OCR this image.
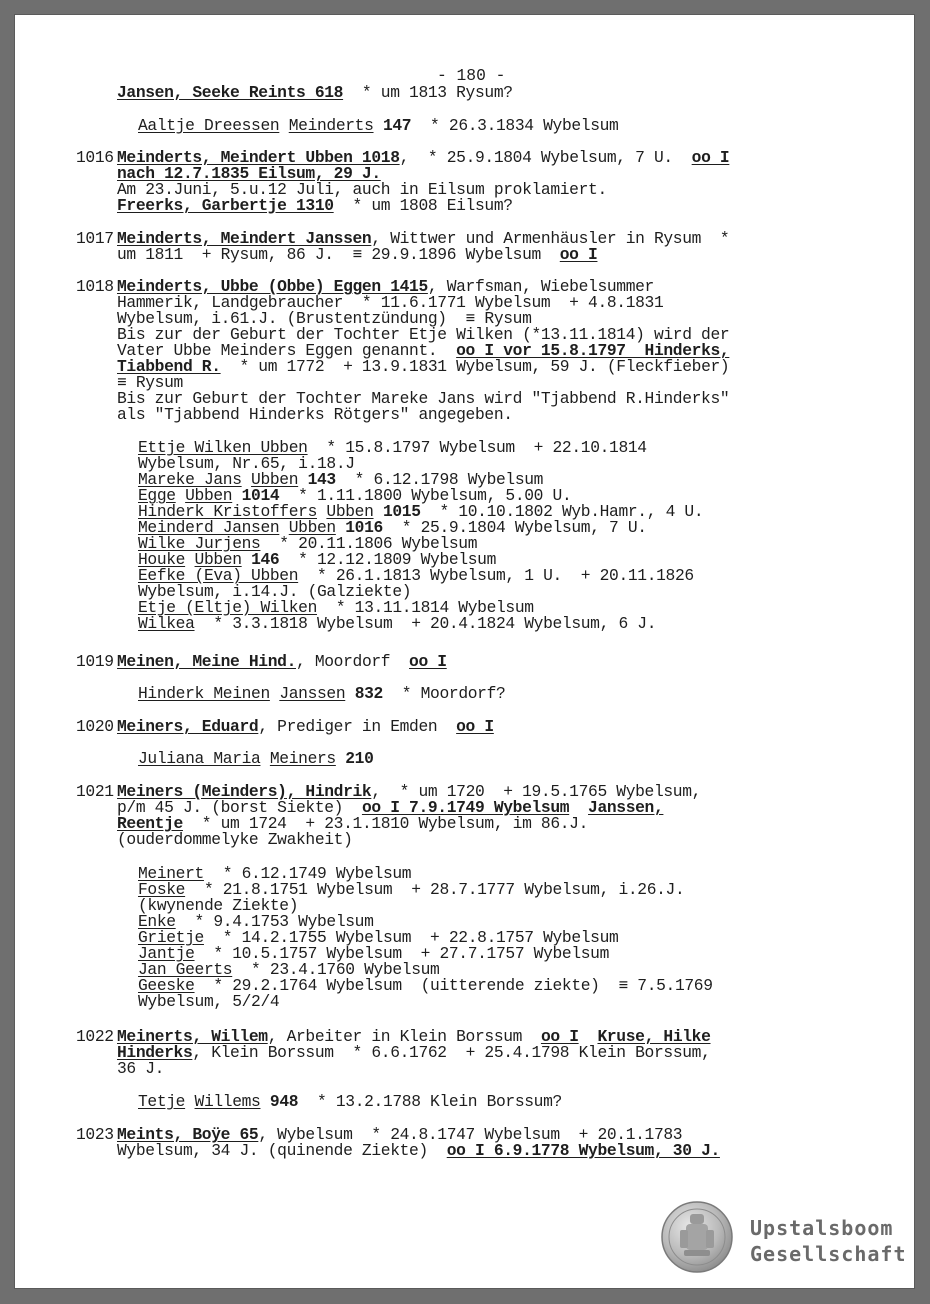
- 180 -
Upstalsboom
Gesellschaft
Jansen, Seeke Reints 618  * um 1813 Rysum?
Aaltje Dreessen Meinderts 147  * 26.3.1834 Wybelsum
1016 Meinderts, Meindert Ubben 1018,  * 25.9.1804 Wybelsum, 7 U.  oo I
nach 12.7.1835 Eilsum, 29 J.
Am 23.Juni, 5.u.12 Juli, auch in Eilsum proklamiert.
Freerks, Garbertje 1310  * um 1808 Eilsum?
1017 Meinderts, Meindert Janssen, Wittwer und Armenhäusler in Rysum  *
um 1811  + Rysum, 86 J.  ≡ 29.9.1896 Wybelsum  oo I
1018 Meinderts, Ubbe (Obbe) Eggen 1415, Warfsman, Wiebelsummer
Hammerik, Landgebraucher  * 11.6.1771 Wybelsum  + 4.8.1831
Wybelsum, i.61.J. (Brustentzündung)  ≡ Rysum
Bis zur der Geburt der Tochter Etje Wilken (*13.11.1814) wird der
Vater Ubbe Meinders Eggen genannt.  oo I vor 15.8.1797  Hinderks,
Tiabbend R.  * um 1772  + 13.9.1831 Wybelsum, 59 J. (Fleckfieber)
≡ Rysum
Bis zur Geburt der Tochter Mareke Jans wird "Tjabbend R.Hinderks"
als "Tjabbend Hinderks Rötgers" angegeben.
Ettje Wilken Ubben  * 15.8.1797 Wybelsum  + 22.10.1814
Wybelsum, Nr.65, i.18.J
Mareke Jans Ubben 143  * 6.12.1798 Wybelsum
Egge Ubben 1014  * 1.11.1800 Wybelsum, 5.00 U.
Hinderk Kristoffers Ubben 1015  * 10.10.1802 Wyb.Hamr., 4 U.
Meinderd Jansen Ubben 1016  * 25.9.1804 Wybelsum, 7 U.
Wilke Jurjens  * 20.11.1806 Wybelsum
Houke Ubben 146  * 12.12.1809 Wybelsum
Eefke (Eva) Ubben  * 26.1.1813 Wybelsum, 1 U.  + 20.11.1826
Wybelsum, i.14.J. (Galziekte)
Etje (Eltje) Wilken  * 13.11.1814 Wybelsum
Wilkea  * 3.3.1818 Wybelsum  + 20.4.1824 Wybelsum, 6 J.
1019 Meinen, Meine Hind., Moordorf  oo I
Hinderk Meinen Janssen 832  * Moordorf?
1020 Meiners, Eduard, Prediger in Emden  oo I
Juliana Maria Meiners 210
1021 Meiners (Meinders), Hindrik,  * um 1720  + 19.5.1765 Wybelsum,
p/m 45 J. (borst Siekte)  oo I 7.9.1749 Wybelsum Janssen,
Reentje  * um 1724  + 23.1.1810 Wybelsum, im 86.J.
(ouderdommelyke Zwakheit)
Meinert  * 6.12.1749 Wybelsum
Foske  * 21.8.1751 Wybelsum  + 28.7.1777 Wybelsum, i.26.J.
(kwynende Ziekte)
Enke  * 9.4.1753 Wybelsum
Grietje  * 14.2.1755 Wybelsum  + 22.8.1757 Wybelsum
Jantje  * 10.5.1757 Wybelsum  + 27.7.1757 Wybelsum
Jan Geerts  * 23.4.1760 Wybelsum
Geeske  * 29.2.1764 Wybelsum  (uitterende ziekte)  ≡ 7.5.1769
Wybelsum, 5/2/4
1022 Meinerts, Willem, Arbeiter in Klein Borssum  oo I Kruse, Hilke
Hinderks, Klein Borssum  * 6.6.1762  + 25.4.1798 Klein Borssum,
36 J.
Tetje Willems 948  * 13.2.1788 Klein Borssum?
1023 Meints, Boÿe 65, Wybelsum  * 24.8.1747 Wybelsum  + 20.1.1783
Wybelsum, 34 J. (quinende Ziekte)  oo I 6.9.1778 Wybelsum, 30 J.
